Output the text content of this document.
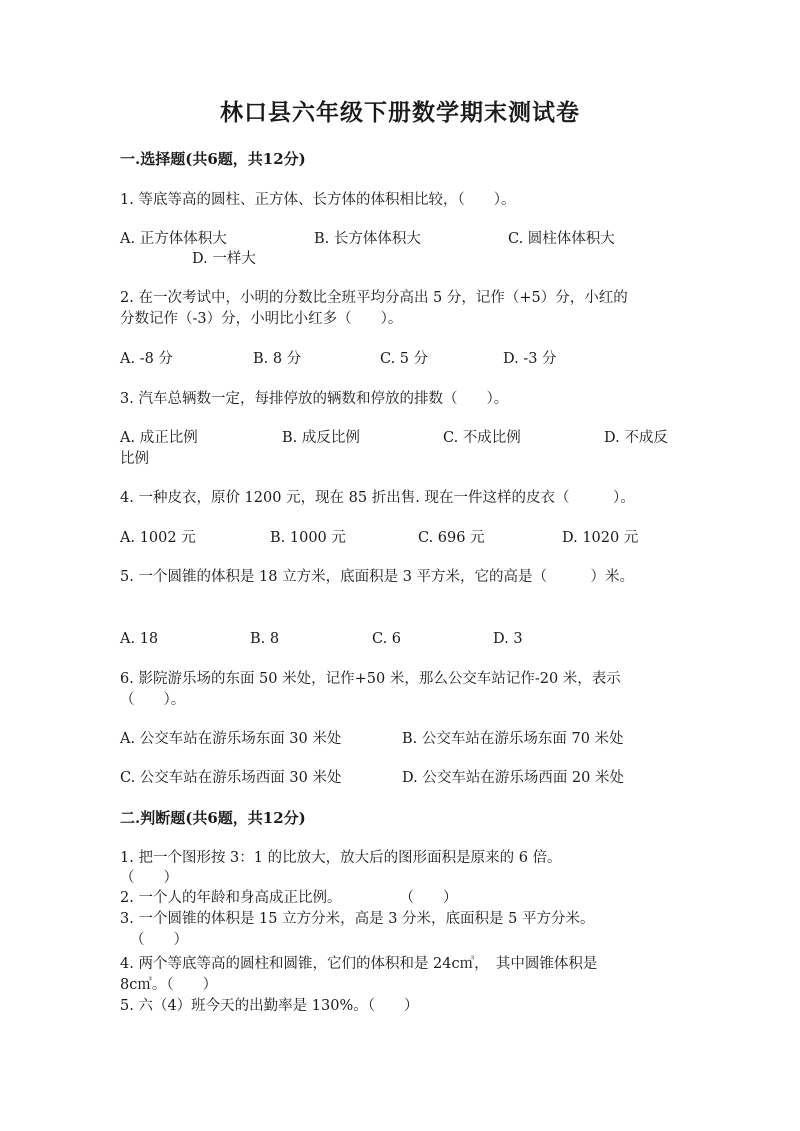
林口县六年级下册数学期末测试卷
一.选择题(共6题，共12分)
1. 等底等高的圆柱、正方体、长方体的体积相比较，（　　）。
A. 正方体体积大	B. 长方体体积大	C. 圆柱体体积大
D. 一样大
2. 在一次考试中，小明的分数比全班平均分高出 5 分，记作（+5）分，小红的
分数记作（-3）分，小明比小红多（　　）。
A. -8 分	B. 8 分	C. 5 分	D. -3 分
3. 汽车总辆数一定，每排停放的辆数和停放的排数（　　）。
A. 成正比例	B. 成反比例	C. 不成比例	D. 不成反
比例
4. 一种皮衣，原价 1200 元，现在 85 折出售. 现在一件这样的皮衣（　　　）。
A. 1002 元	B. 1000 元	C. 696 元	D. 1020 元
5. 一个圆锥的体积是 18 立方米，底面积是 3 平方米，它的高是（　　　）米。
A. 18	B. 8	C. 6	D. 3
6. 影院游乐场的东面 50 米处，记作+50 米，那么公交车站记作-20 米，表示
（　　）。
A. 公交车站在游乐场东面 30 米处	B. 公交车站在游乐场东面 70 米处
C. 公交车站在游乐场西面 30 米处	D. 公交车站在游乐场西面 20 米处
二.判断题(共6题，共12分)
1. 把一个图形按 3：1 的比放大，放大后的图形面积是原来的 6 倍。
（　　）
2. 一个人的年龄和身高成正比例。　　　　　（　　）
3. 一个圆锥的体积是 15 立方分米，高是 3 分米，底面积是 5 平方分米。
（　　）
4. 两个等底等高的圆柱和圆锥，它们的体积和是 24c㎥，　其中圆锥体积是
8c㎥。（　　）
5. 六（4）班今天的出勤率是 130%。（　　）
